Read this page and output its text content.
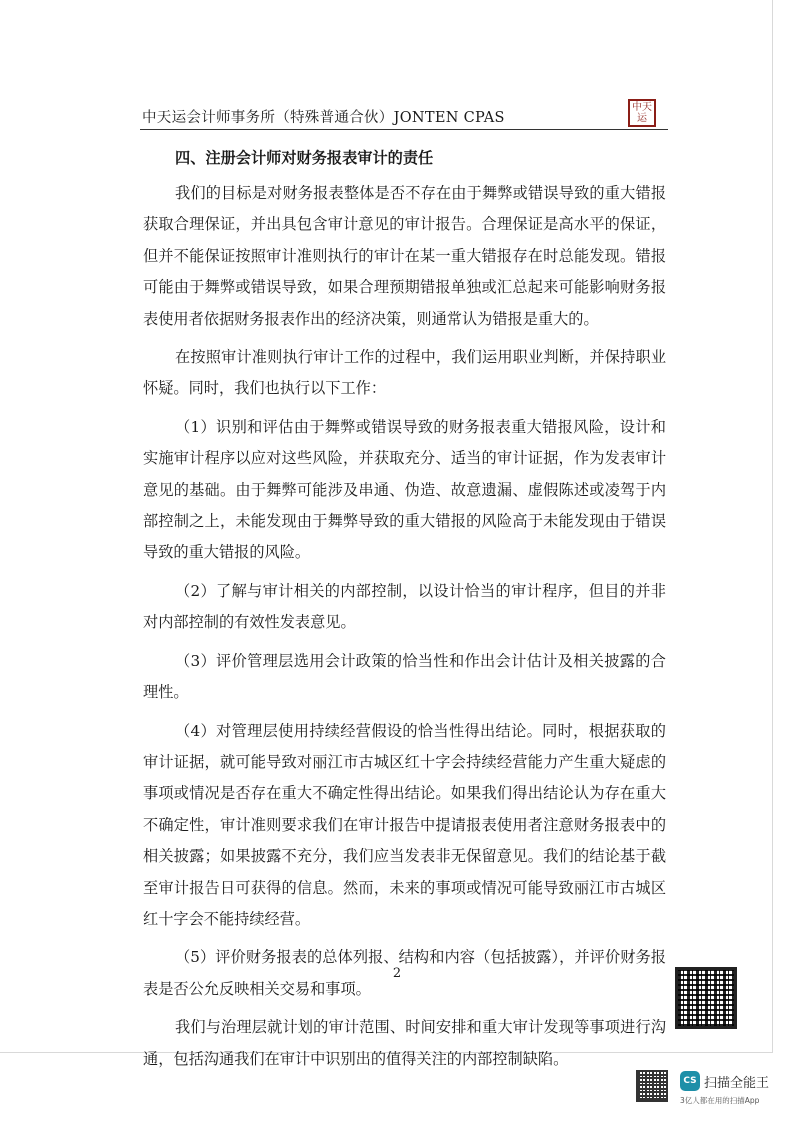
中天运会计师事务所（特殊普通合伙）JONTEN CPAS
中天运
四、注册会计师对财务报表审计的责任

我们的目标是对财务报表整体是否不存在由于舞弊或错误导致的重大错报获取合理保证，并出具包含审计意见的审计报告。合理保证是高水平的保证，但并不能保证按照审计准则执行的审计在某一重大错报存在时总能发现。错报可能由于舞弊或错误导致，如果合理预期错报单独或汇总起来可能影响财务报表使用者依据财务报表作出的经济决策，则通常认为错报是重大的。

在按照审计准则执行审计工作的过程中，我们运用职业判断，并保持职业怀疑。同时，我们也执行以下工作：

（1）识别和评估由于舞弊或错误导致的财务报表重大错报风险，设计和实施审计程序以应对这些风险，并获取充分、适当的审计证据，作为发表审计意见的基础。由于舞弊可能涉及串通、伪造、故意遗漏、虚假陈述或凌驾于内部控制之上，未能发现由于舞弊导致的重大错报的风险高于未能发现由于错误导致的重大错报的风险。

（2）了解与审计相关的内部控制，以设计恰当的审计程序，但目的并非对内部控制的有效性发表意见。

（3）评价管理层选用会计政策的恰当性和作出会计估计及相关披露的合理性。

（4）对管理层使用持续经营假设的恰当性得出结论。同时，根据获取的审计证据，就可能导致对丽江市古城区红十字会持续经营能力产生重大疑虑的事项或情况是否存在重大不确定性得出结论。如果我们得出结论认为存在重大不确定性，审计准则要求我们在审计报告中提请报表使用者注意财务报表中的相关披露；如果披露不充分，我们应当发表非无保留意见。我们的结论基于截至审计报告日可获得的信息。然而，未来的事项或情况可能导致丽江市古城区红十字会不能持续经营。

（5）评价财务报表的总体列报、结构和内容（包括披露），并评价财务报表是否公允反映相关交易和事项。

我们与治理层就计划的审计范围、时间安排和重大审计发现等事项进行沟通，包括沟通我们在审计中识别出的值得关注的内部控制缺陷。

2
CS 扫描全能王
3亿人都在用的扫描App
